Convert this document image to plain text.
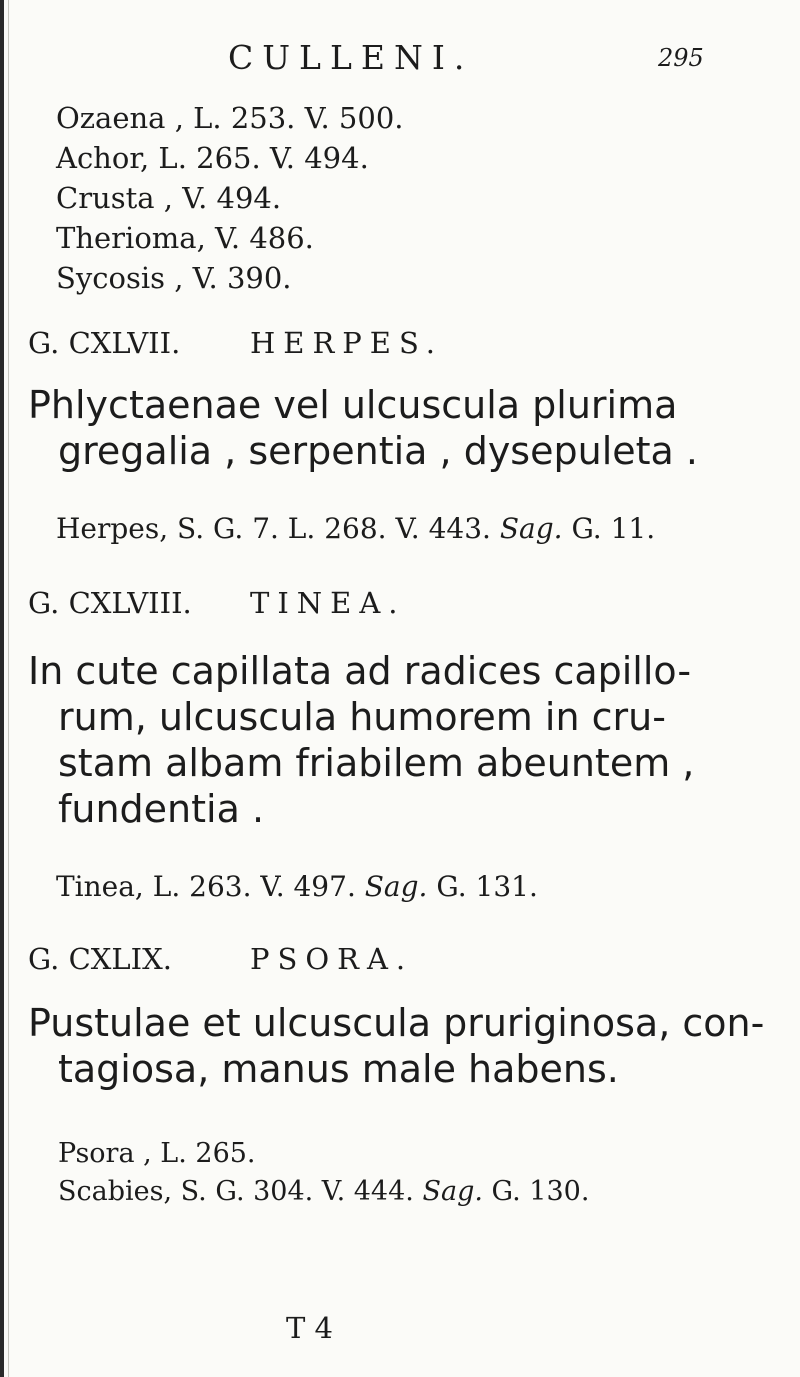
CULLENI.	295
Ozaena , L. 253. V. 500.
Achor, L. 265. V. 494.
Crusta , V. 494.
Therioma, V. 486.
Sycosis , V. 390.
G. CXLVII. HERPES.
Phlyctaenae vel ulcuscula plurima
gregalia , serpentia , dysepuleta .
Herpes, S. G. 7. L. 268. V. 443. Sag. G. 11.
G. CXLVIII. TINEA.
In cute capillata ad radices capillo-
rum, ulcuscula humorem in cru-
stam albam friabilem abeuntem ,
fundentia .
Tinea, L. 263. V. 497. Sag. G. 131.
G. CXLIX.	PSORA.
Pustulae et ulcuscula pruriginosa, con-
tagiosa, manus male habens.
Psora , L. 265.
Scabies, S. G. 304. V. 444. Sag. G. 130.
T 4
